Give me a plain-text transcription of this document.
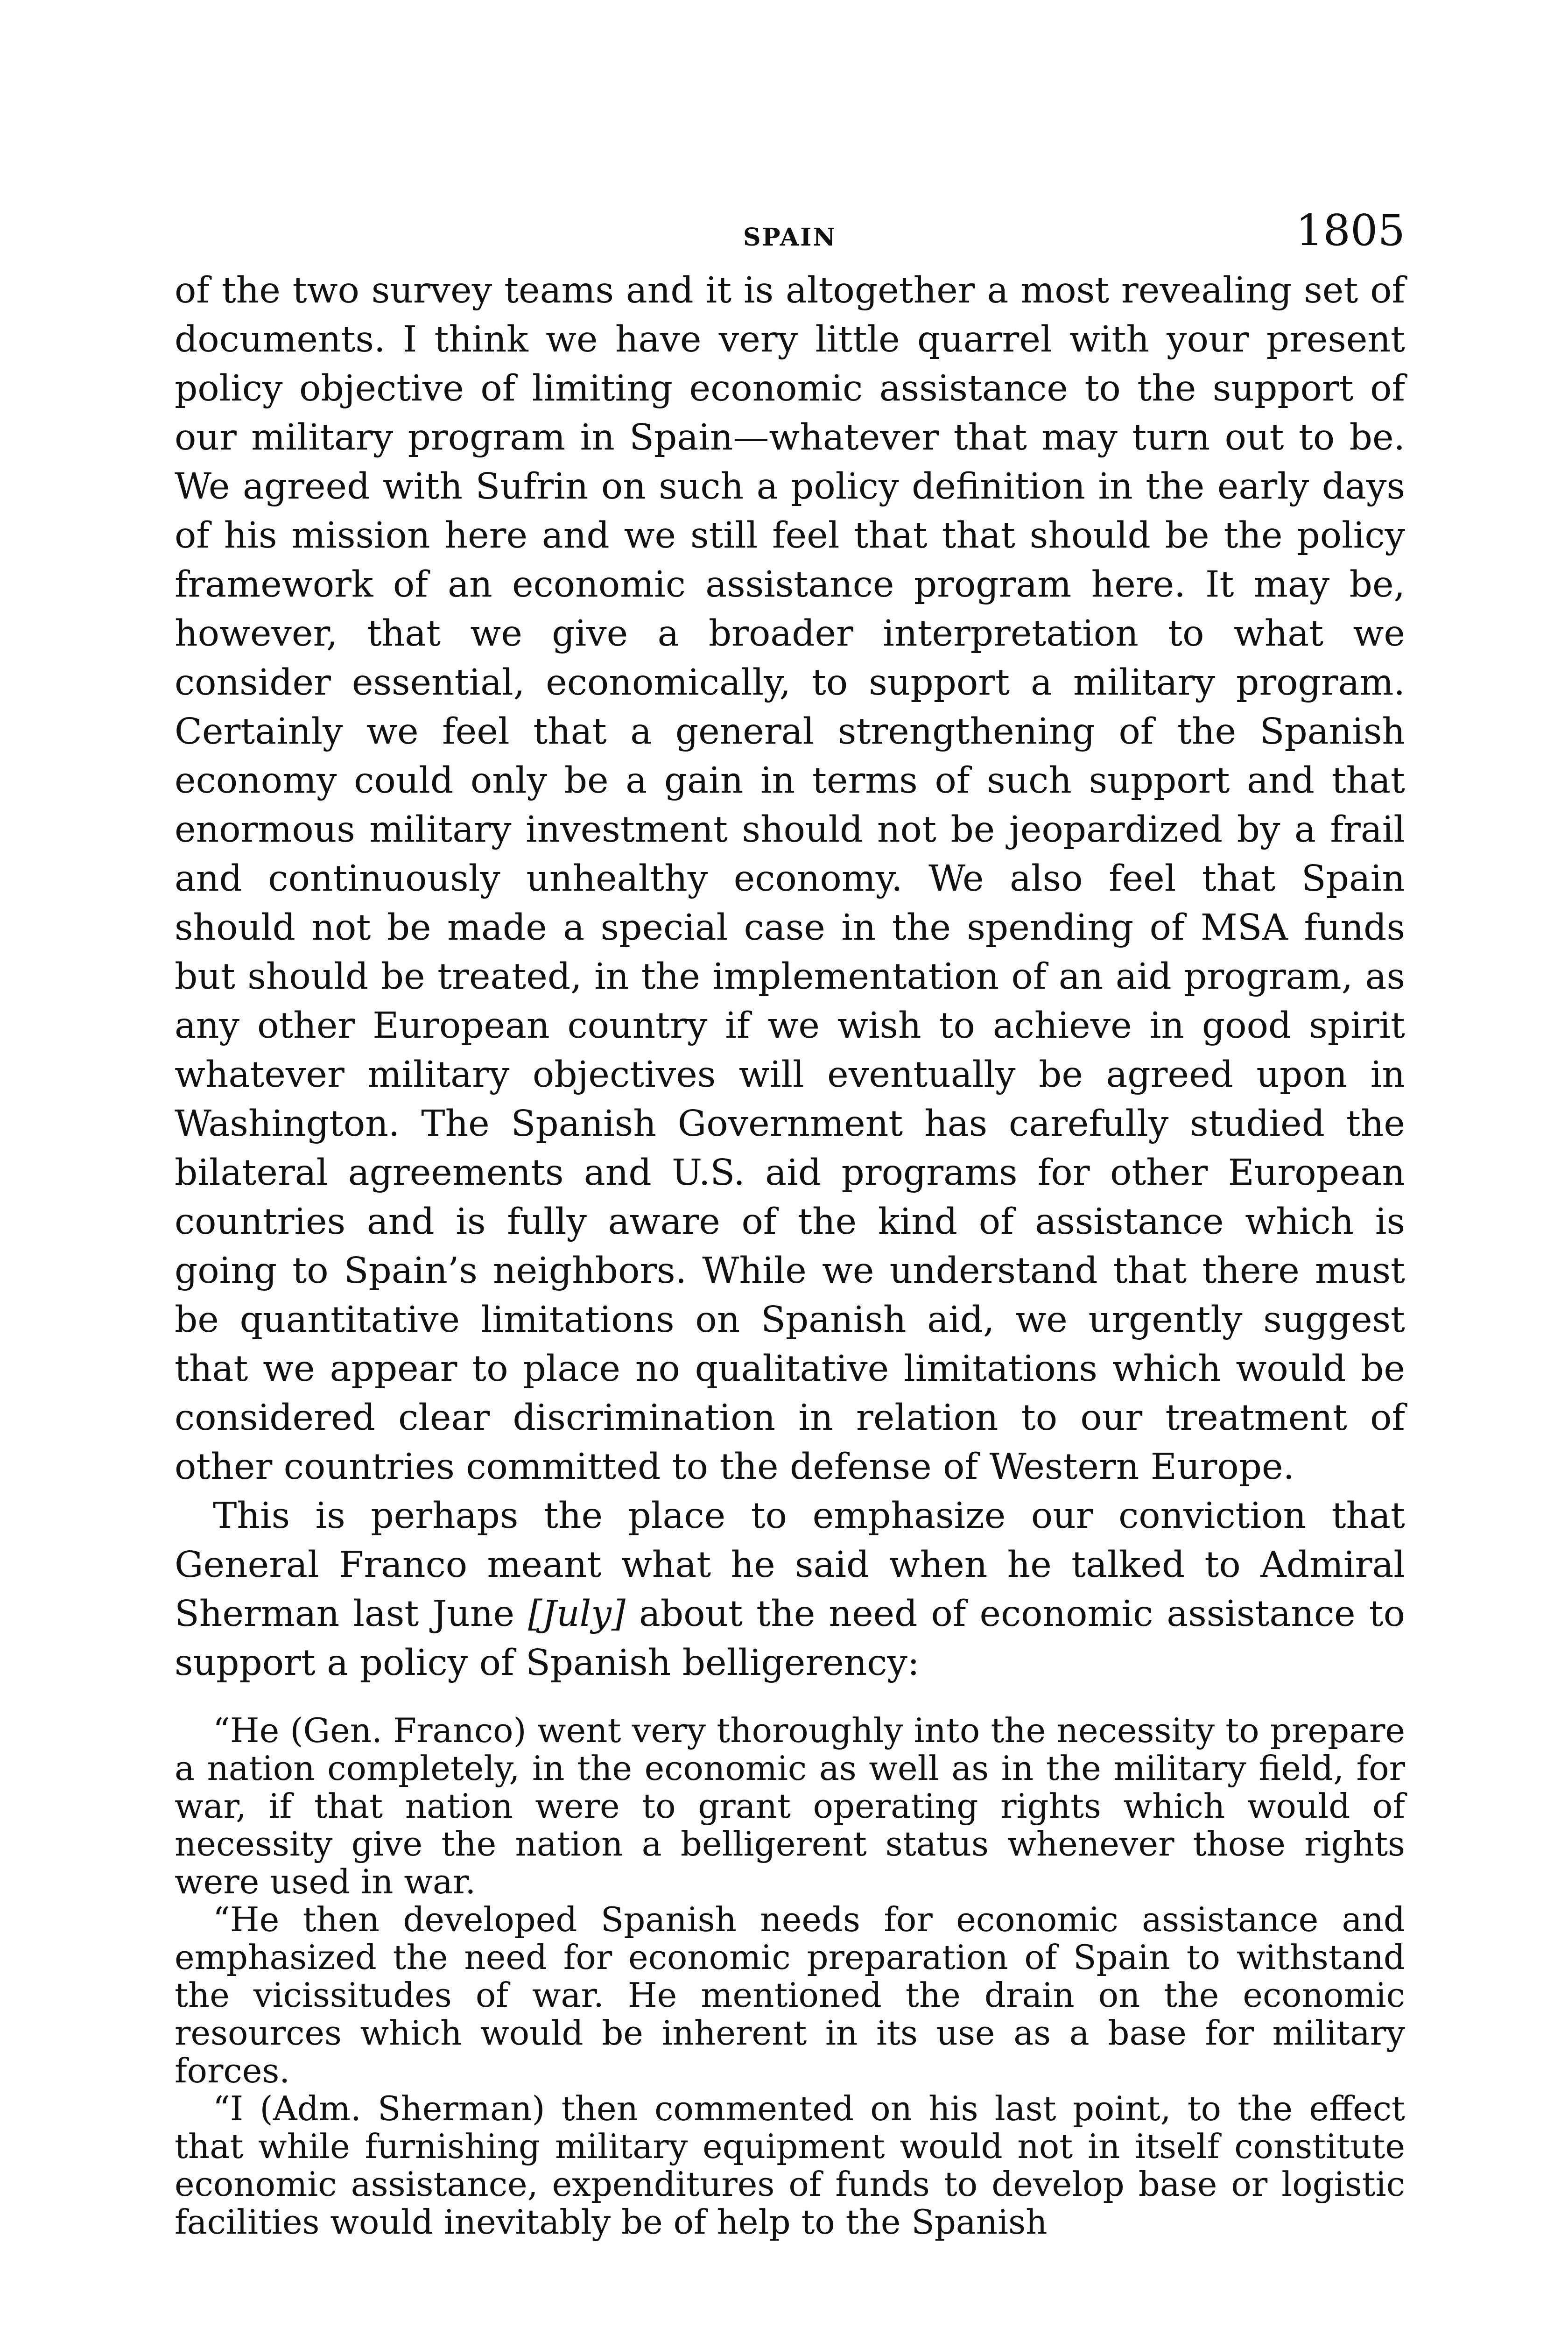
SPAIN	1805

of the two survey teams and it is altogether a most revealing set of documents. I think we have very little quarrel with your present policy objective of limiting economic assistance to the support of our military program in Spain—whatever that may turn out to be. We agreed with Sufrin on such a policy definition in the early days of his mission here and we still feel that that should be the policy framework of an economic assistance program here. It may be, however, that we give a broader interpretation to what we consider essential, economically, to support a military program. Certainly we feel that a general strengthening of the Spanish economy could only be a gain in terms of such support and that enormous military investment should not be jeopardized by a frail and continuously unhealthy economy. We also feel that Spain should not be made a special case in the spending of MSA funds but should be treated, in the implementation of an aid program, as any other European country if we wish to achieve in good spirit whatever military objectives will eventually be agreed upon in Washington. The Spanish Government has carefully studied the bilateral agreements and U.S. aid programs for other European countries and is fully aware of the kind of assistance which is going to Spain’s neighbors. While we understand that there must be quantitative limitations on Spanish aid, we urgently suggest that we appear to place no qualitative limitations which would be considered clear discrimination in relation to our treatment of other countries committed to the defense of Western Europe.

This is perhaps the place to emphasize our conviction that General Franco meant what he said when he talked to Admiral Sherman last June [July] about the need of economic assistance to support a policy of Spanish belligerency:

“He (Gen. Franco) went very thoroughly into the necessity to prepare a nation completely, in the economic as well as in the military field, for war, if that nation were to grant operating rights which would of necessity give the nation a belligerent status whenever those rights were used in war.

“He then developed Spanish needs for economic assistance and emphasized the need for economic preparation of Spain to withstand the vicissitudes of war. He mentioned the drain on the economic resources which would be inherent in its use as a base for military forces.

“I (Adm. Sherman) then commented on his last point, to the effect that while furnishing military equipment would not in itself constitute economic assistance, expenditures of funds to develop base or logistic facilities would inevitably be of help to the Spanish
